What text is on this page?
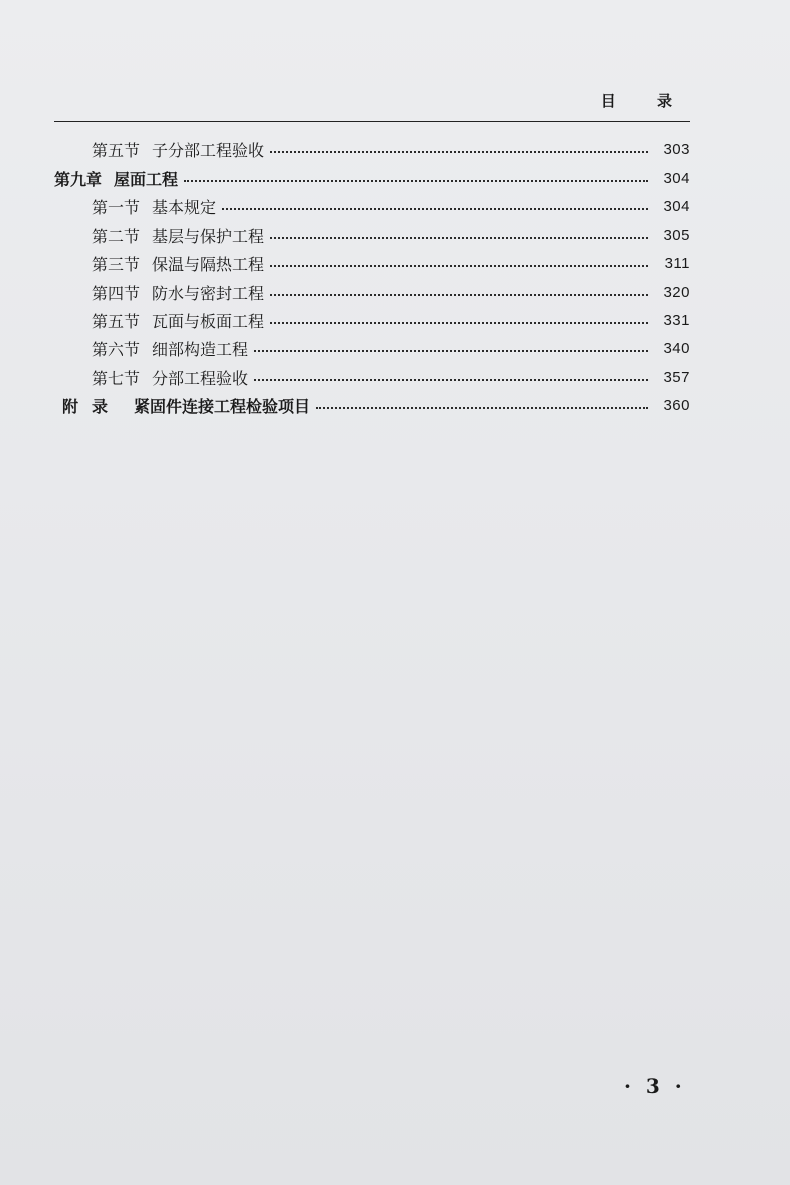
目 录
第五节 子分部工程验收	303
第九章 屋面工程	304
第一节 基本规定	304
第二节 基层与保护工程	305
第三节 保温与隔热工程	311
第四节 防水与密封工程	320
第五节 瓦面与板面工程	331
第六节 细部构造工程	340
第七节 分部工程验收	357
附录 紧固件连接工程检验项目	360
· 3 ·
